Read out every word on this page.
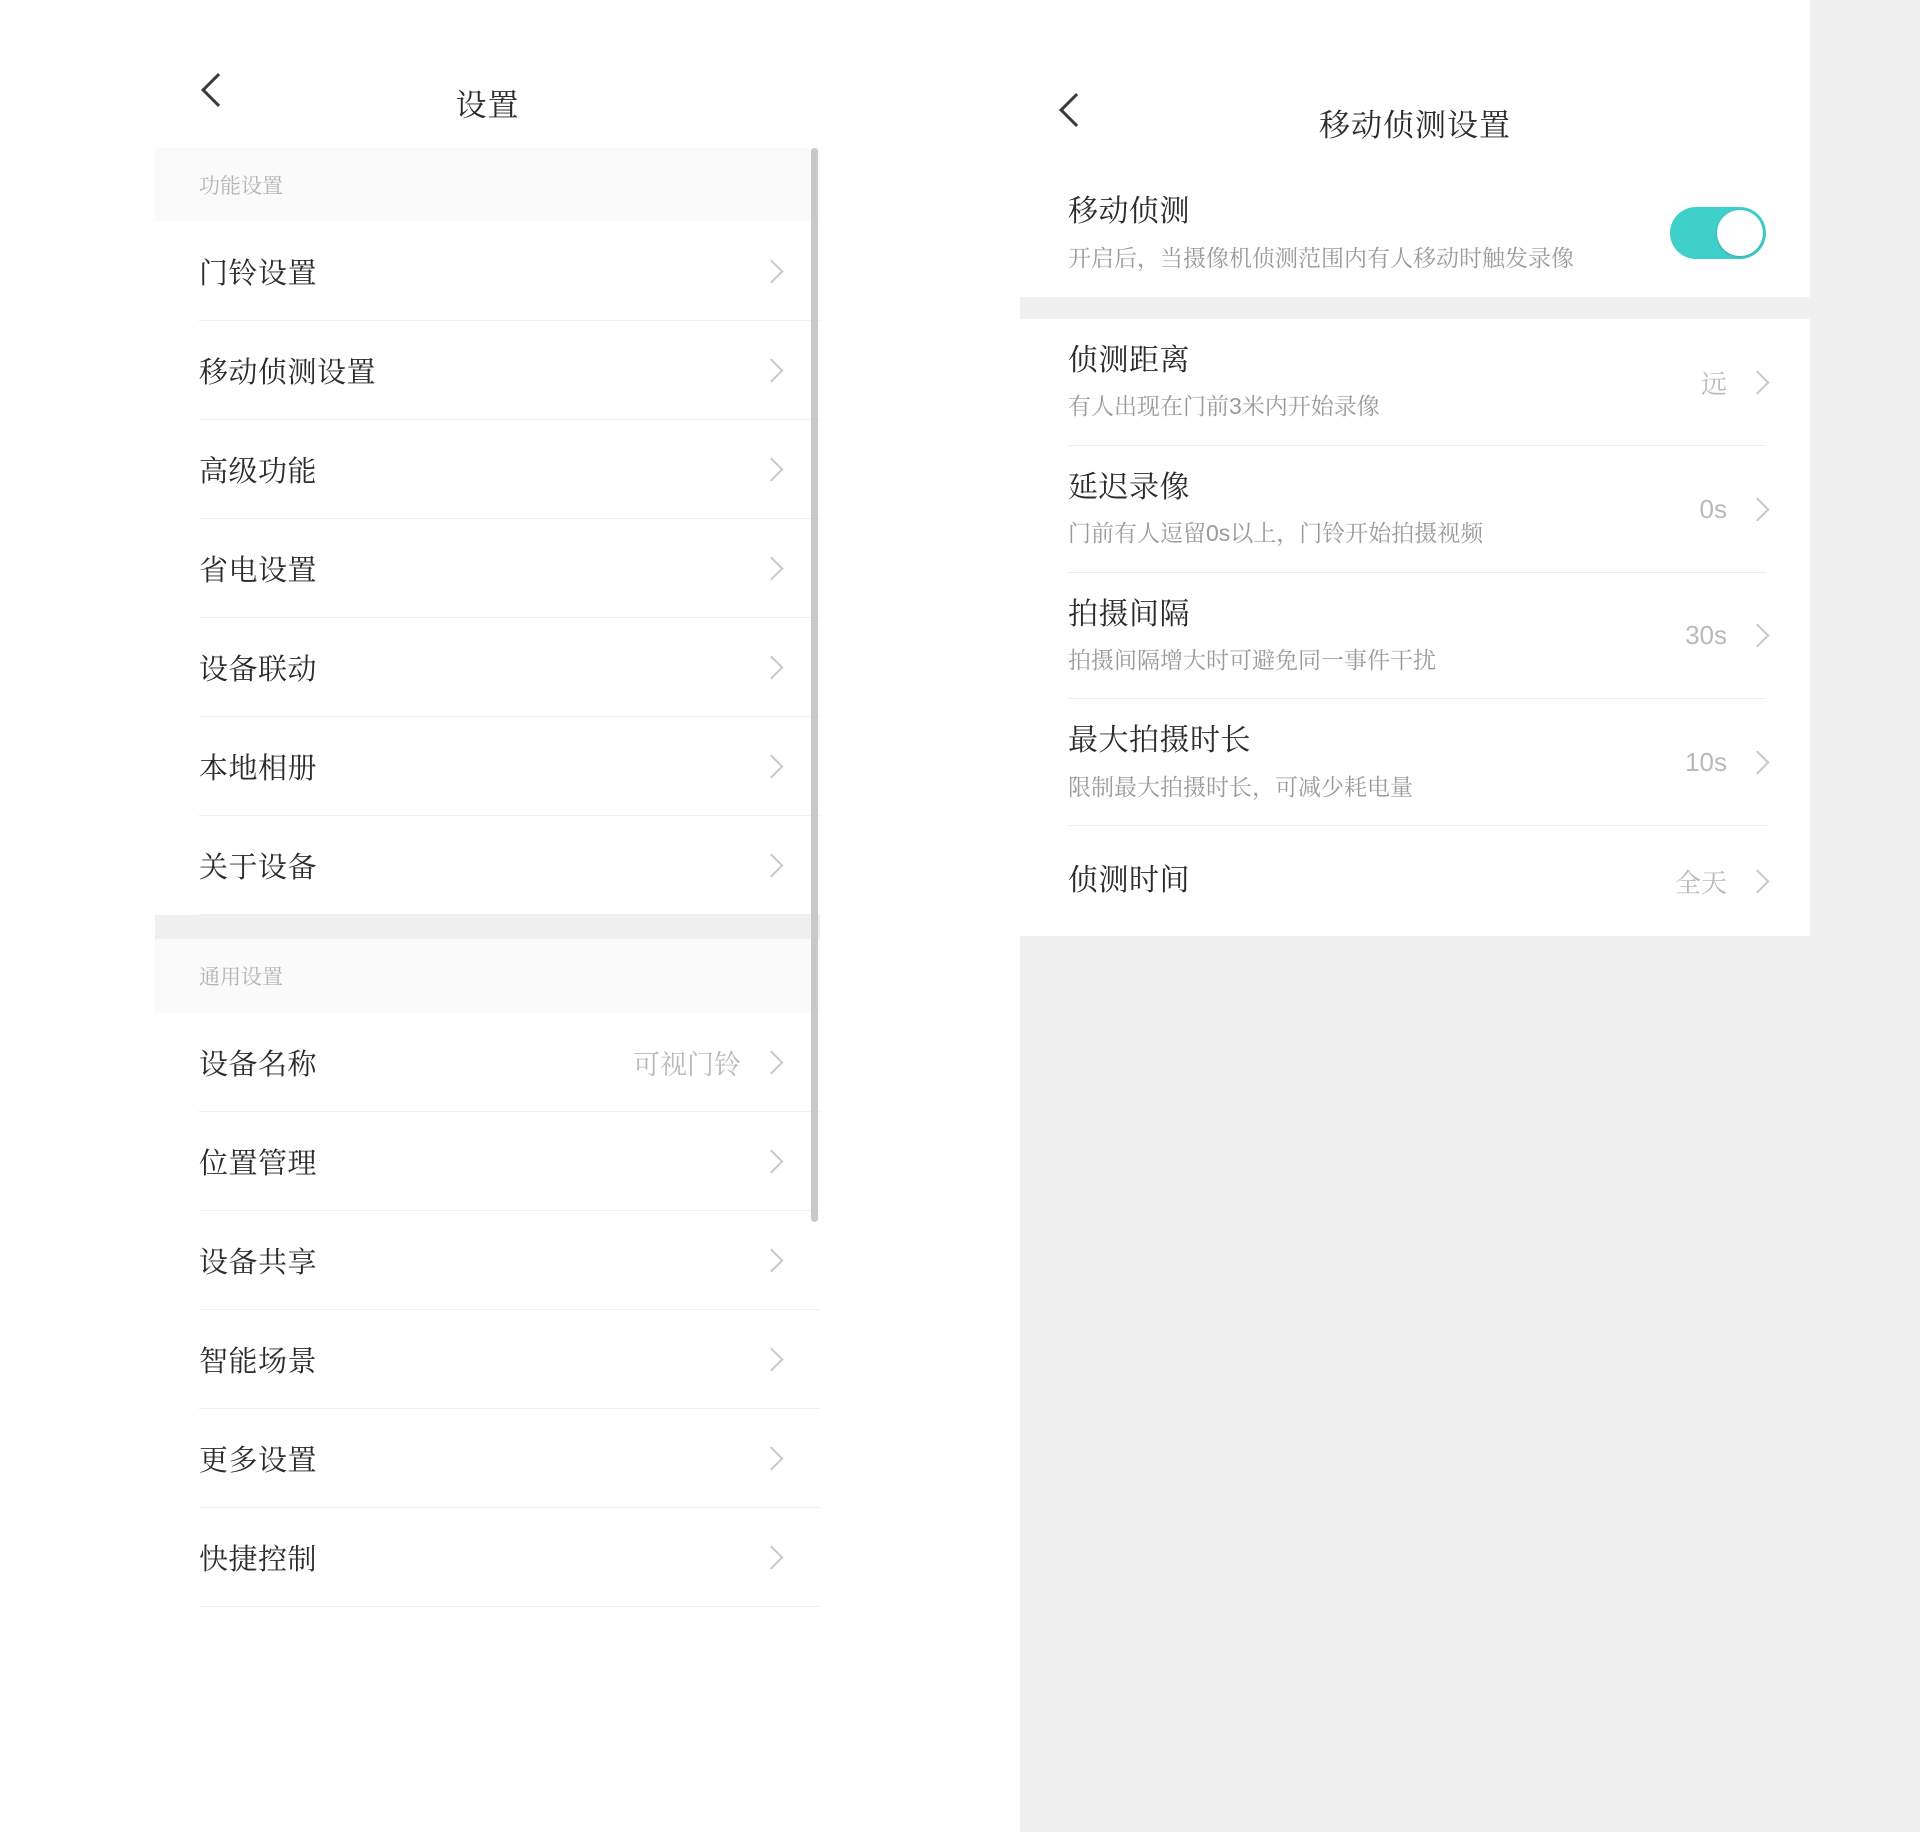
设置
功能设置
门铃设置
移动侦测设置
高级功能
省电设置
设备联动
本地相册
关于设备
通用设置
设备名称	可视门铃
位置管理
设备共享
智能场景
更多设置
快捷控制
移动侦测设置
移动侦测
开启后，当摄像机侦测范围内有人移动时触发录像
侦测距离
有人出现在门前3米内开始录像
远
延迟录像
门前有人逗留0s以上，门铃开始拍摄视频
0s
拍摄间隔
拍摄间隔增大时可避免同一事件干扰
30s
最大拍摄时长
限制最大拍摄时长，可减少耗电量
10s
侦测时间	全天
